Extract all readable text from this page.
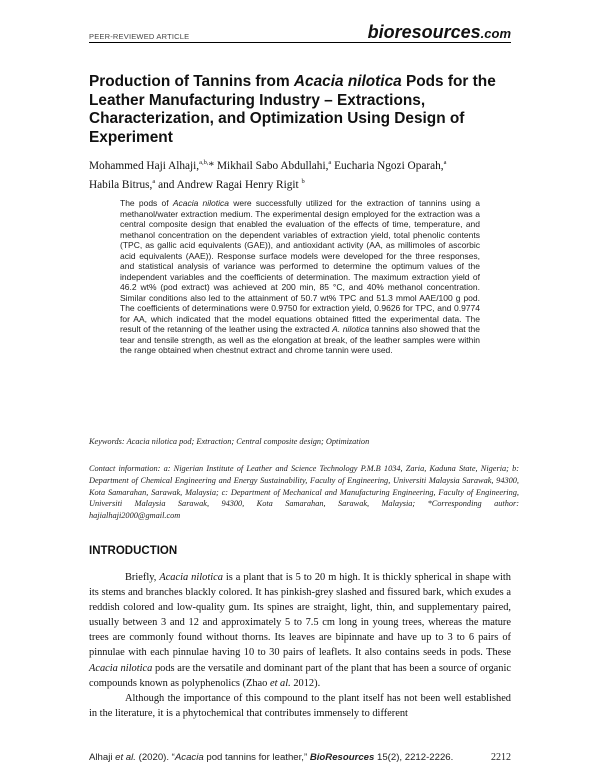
PEER-REVIEWED ARTICLE	bioresources.com
Production of Tannins from Acacia nilotica Pods for the Leather Manufacturing Industry – Extractions, Characterization, and Optimization Using Design of Experiment
Mohammed Haji Alhaji,$^{a,b,}$* Mikhail Sabo Abdullahi,$^a$ Eucharia Ngozi Oparah,$^a$
Habila Bitrus,$^a$ and Andrew Ragai Henry Rigit $^b$
The pods of Acacia nilotica were successfully utilized for the extraction of tannins using a methanol/water extraction medium. The experimental design employed for the extraction was a central composite design that enabled the evaluation of the effects of time, temperature, and methanol concentration on the dependent variables of extraction yield, total phenolic contents (TPC, as gallic acid equivalents (GAE)), and antioxidant activity (AA, as millimoles of ascorbic acid equivalents (AAE)). Response surface models were developed for the three responses, and statistical analysis of variance was performed to determine the optimum values of the independent variables and the coefficients of determination. The maximum extraction yield of 46.2 wt% (pod extract) was achieved at 200 min, 85 °C, and 40% methanol concentration. Similar conditions also led to the attainment of 50.7 wt% TPC and 51.3 mmol AAE/100 g pod. The coefficients of determinations were 0.9750 for extraction yield, 0.9626 for TPC, and 0.9774 for AA, which indicated that the model equations obtained fitted the experimental data. The result of the retanning of the leather using the extracted A. nilotica tannins also showed that the tear and tensile strength, as well as the elongation at break, of the leather samples were within the range obtained when chestnut extract and chrome tannin were used.
Keywords: Acacia nilotica pod; Extraction; Central composite design; Optimization
Contact information: a: Nigerian Institute of Leather and Science Technology P.M.B 1034, Zaria, Kaduna State, Nigeria; b: Department of Chemical Engineering and Energy Sustainability, Faculty of Engineering, Universiti Malaysia Sarawak, 94300, Kota Samarahan, Sarawak, Malaysia; c: Department of Mechanical and Manufacturing Engineering, Faculty of Engineering, Universiti Malaysia Sarawak, 94300, Kota Samarahan, Sarawak, Malaysia; *Corresponding author: hajialhaji2000@gmail.com
INTRODUCTION

Briefly, Acacia nilotica is a plant that is 5 to 20 m high. It is thickly spherical in shape with its stems and branches blackly colored. It has pinkish-grey slashed and fissured bark, which exudes a reddish colored and low-quality gum. Its spines are straight, light, thin, and supplementary paired, usually between 3 and 12 and approximately 5 to 7.5 cm long in young trees, whereas the mature trees are commonly found without thorns. Its leaves are bipinnate and have up to 3 to 6 pairs of pinnulae with each pinnulae having 10 to 30 pairs of leaflets. It also contains seeds in pods. These Acacia nilotica pods are the versatile and dominant part of the plant that has been a source of organic compounds known as polyphenolics (Zhao et al. 2012).

Although the importance of this compound to the plant itself has not been well established in the literature, it is a phytochemical that contributes immensely to different

Alhaji et al. (2020). “Acacia pod tannins for leather,” BioResources 15(2), 2212-2226.	2212
